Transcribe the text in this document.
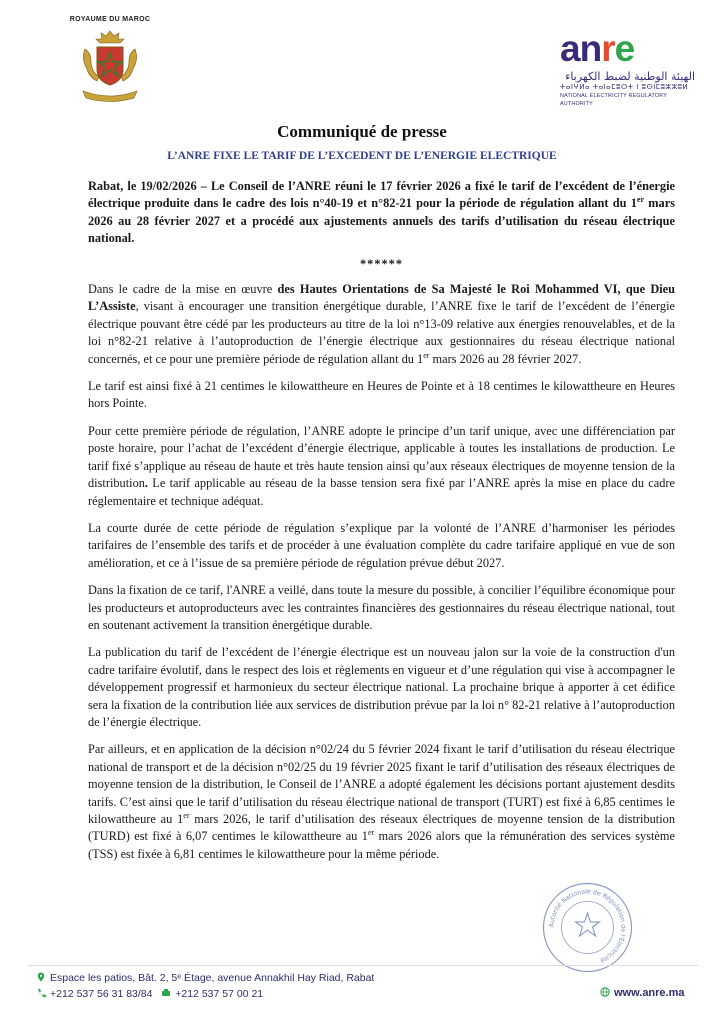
ROYAUME DU MAROC
anre
الهيئة الوطنية لضبط الكهرباء
ⵜⴰⵏⵖⵍⴰ ⵜⴰⵏⴰⵎⵓⵔⵜ ⵏ ⵓⵙⵏⵎⵓⵣⵣⵓⵍ
NATIONAL ELECTRICITY REGULATORY AUTHORITY
Communiqué de presse
L’ANRE FIXE LE TARIF DE L’EXCEDENT DE L’ENERGIE ELECTRIQUE

Rabat, le 19/02/2026 – Le Conseil de l’ANRE réuni le 17 février 2026 a fixé le tarif de l’excédent de l’énergie électrique produite dans le cadre des lois n°40-19 et n°82-21 pour la période de régulation allant du 1er mars 2026 au 28 février 2027 et a procédé aux ajustements annuels des tarifs d’utilisation du réseau électrique national.

******

Dans le cadre de la mise en œuvre des Hautes Orientations de Sa Majesté le Roi Mohammed VI, que Dieu L’Assiste, visant à encourager une transition énergétique durable, l’ANRE fixe le tarif de l’excédent de l’énergie électrique pouvant être cédé par les producteurs au titre de la loi n°13-09 relative aux énergies renouvelables, et de la loi n°82-21 relative à l’autoproduction de l’énergie électrique aux gestionnaires du réseau électrique national concernés, et ce pour une première période de régulation allant du 1er mars 2026 au 28 février 2027.

Le tarif est ainsi fixé à 21 centimes le kilowattheure en Heures de Pointe et à 18 centimes le kilowattheure en Heures hors Pointe.

Pour cette première période de régulation, l’ANRE adopte le principe d’un tarif unique, avec une différenciation par poste horaire, pour l’achat de l’excédent d’énergie électrique, applicable à toutes les installations de production. Le tarif fixé s’applique au réseau de haute et très haute tension ainsi qu’aux réseaux électriques de moyenne tension de la distribution. Le tarif applicable au réseau de la basse tension sera fixé par l’ANRE après la mise en place du cadre réglementaire et technique adéquat.

La courte durée de cette période de régulation s’explique par la volonté de l’ANRE d’harmoniser les périodes tarifaires de l’ensemble des tarifs et de procéder à une évaluation complète du cadre tarifaire appliqué en vue de son amélioration, et ce à l’issue de sa première période de régulation prévue début 2027.

Dans la fixation de ce tarif, l'ANRE a veillé, dans toute la mesure du possible, à concilier l’équilibre économique pour les producteurs et autoproducteurs avec les contraintes financières des gestionnaires du réseau électrique national, tout en soutenant activement la transition énergétique durable.

La publication du tarif de l’excédent de l’énergie électrique est un nouveau jalon sur la voie de la construction d'un cadre tarifaire évolutif, dans le respect des lois et règlements en vigueur et d’une régulation qui vise à accompagner le développement progressif et harmonieux du secteur électrique national. La prochaine brique à apporter à cet édifice sera la fixation de la contribution liée aux services de distribution prévue par la loi n° 82-21 relative à l’autoproduction de l’énergie électrique.

Par ailleurs, et en application de la décision n°02/24 du 5 février 2024 fixant le tarif d’utilisation du réseau électrique national de transport et de la décision n°02/25 du 19 février 2025 fixant le tarif d’utilisation des réseaux électriques de moyenne tension de la distribution, le Conseil de l’ANRE a adopté également les décisions portant ajustement desdits tarifs. C’est ainsi que le tarif d’utilisation du réseau électrique national de transport (TURT) est fixé à 6,85 centimes le kilowattheure au 1er mars 2026, le tarif d’utilisation des réseaux électriques de moyenne tension de la distribution (TURD) est fixé à 6,07 centimes le kilowattheure au 1er mars 2026 alors que la rémunération des services système (TSS) est fixée à 6,81 centimes le kilowattheure pour la même période.

Autorité Nationale de Régulation de l'Électricité
Espace les patios, Bât. 2, 5ᵉ Étage, avenue Annakhil Hay Riad, Rabat
+212 537 56 31 83/84 +212 537 57 00 21	www.anre.ma
